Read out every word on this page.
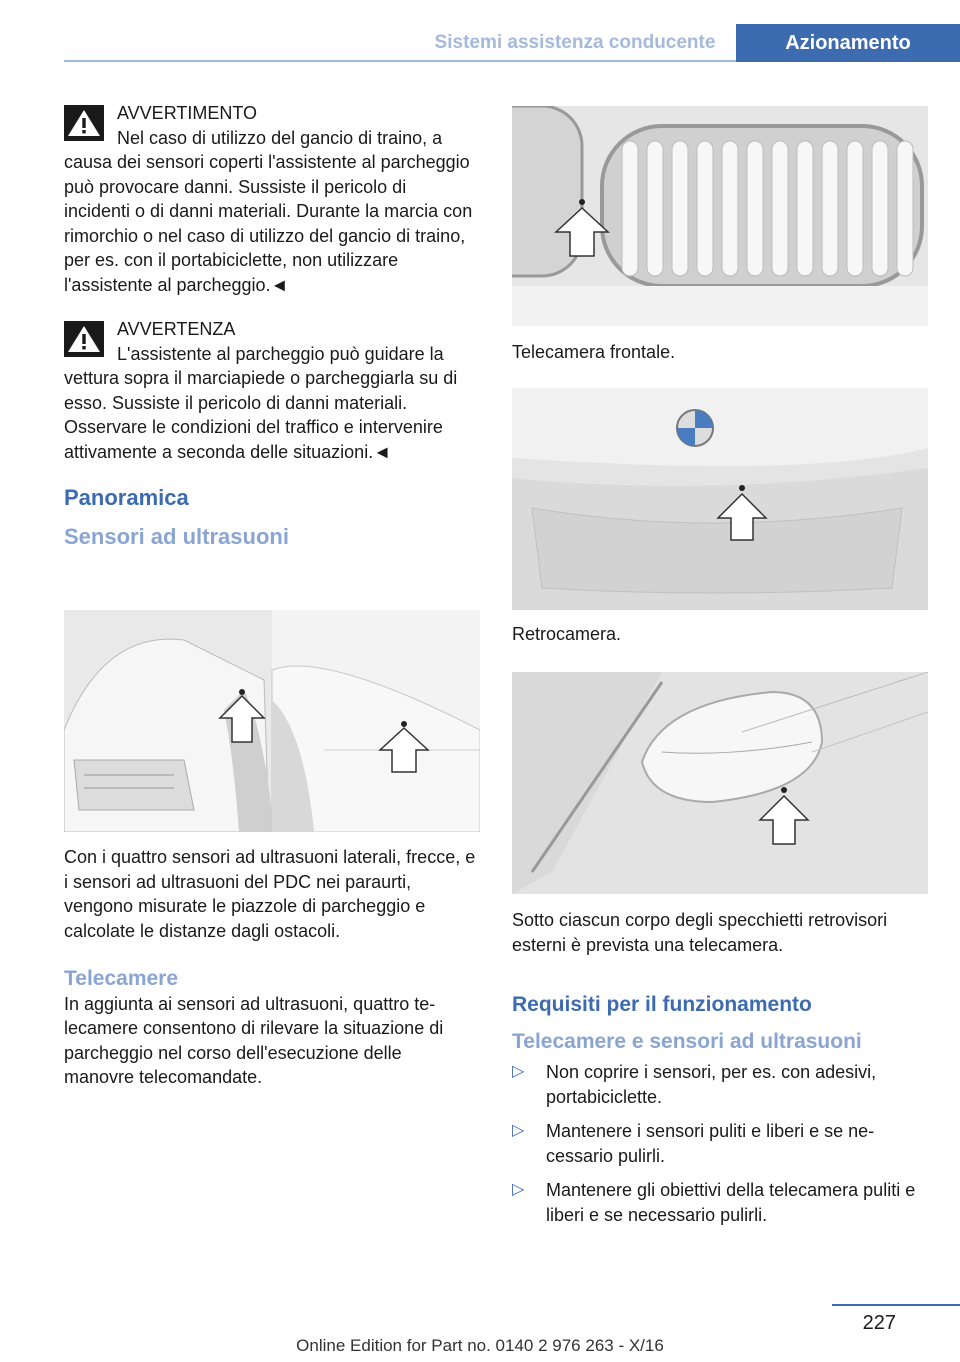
Sistemi assistenza conducente	Azionamento

AVVERTIMENTO

Nel caso di utilizzo del gancio di traino, a causa dei sensori coperti l'assistente al parcheggio può provocare danni. Sussiste il pericolo di incidenti o di danni materiali. Durante la marcia con rimorchio o nel caso di utilizzo del gancio di traino, per es. con il portabiciclette, non utilizzare l'assistente al parcheggio.◄

AVVERTENZA

L'assistente al parcheggio può guidare la vettura sopra il marciapiede o parcheggiarla su di esso. Sussiste il pericolo di danni materiali. Osservare le condizioni del traffico e intervenire attivamente a seconda delle situazioni.◄

Panoramica

Sensori ad ultrasuoni

Con i quattro sensori ad ultrasuoni laterali, frecce, e i sensori ad ultrasuoni del PDC nei paraurti, vengono misurate le piazzole di parcheggio e calcolate le distanze dagli ostacoli.

Telecamere

In aggiunta ai sensori ad ultrasuoni, quattro telecamere consentono di rilevare la situazione di parcheggio nel corso dell'esecuzione delle manovre telecomandate.

Telecamera frontale.
Retrocamera.

Sotto ciascun corpo degli specchietti retrovisori esterni è prevista una telecamera.

Requisiti per il funzionamento

Telecamere e sensori ad ultrasuoni

▷ Non coprire i sensori, per es. con adesivi, portabiciclette.
▷ Mantenere i sensori puliti e liberi e se necessario pulirli.
▷ Mantenere gli obiettivi della telecamera puliti e liberi e se necessario pulirli.
227
Online Edition for Part no. 0140 2 976 263 - X/16
